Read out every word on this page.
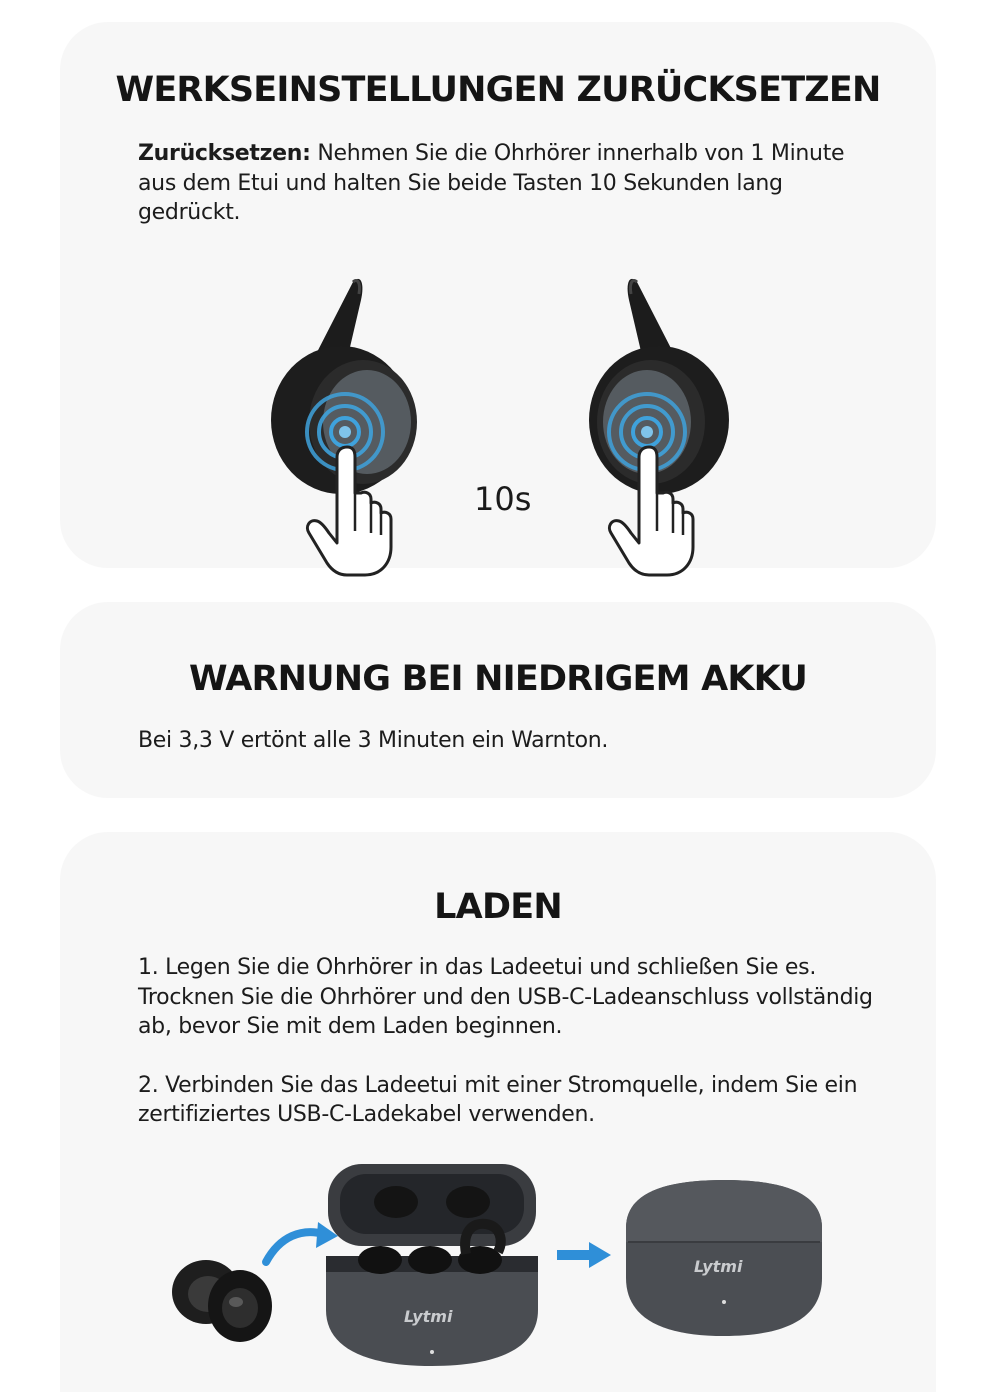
WERKSEINSTELLUNGEN ZURÜCKSETZEN

Zurücksetzen: Nehmen Sie die Ohrhörer innerhalb von 1 Minute aus dem Etui und halten Sie beide Tasten 10 Sekunden lang gedrückt.

10s
WARNUNG BEI NIEDRIGEM AKKU

Bei 3,3 V ertönt alle 3 Minuten ein Warnton.

LADEN

1. Legen Sie die Ohrhörer in das Ladeetui und schließen Sie es. Trocknen Sie die Ohrhörer und den USB-C-Ladeanschluss vollständig ab, bevor Sie mit dem Laden beginnen.
2. Verbinden Sie das Ladeetui mit einer Stromquelle, indem Sie ein zertifiziertes USB-C-Ladekabel verwenden.

Lytmi
Lytmi
